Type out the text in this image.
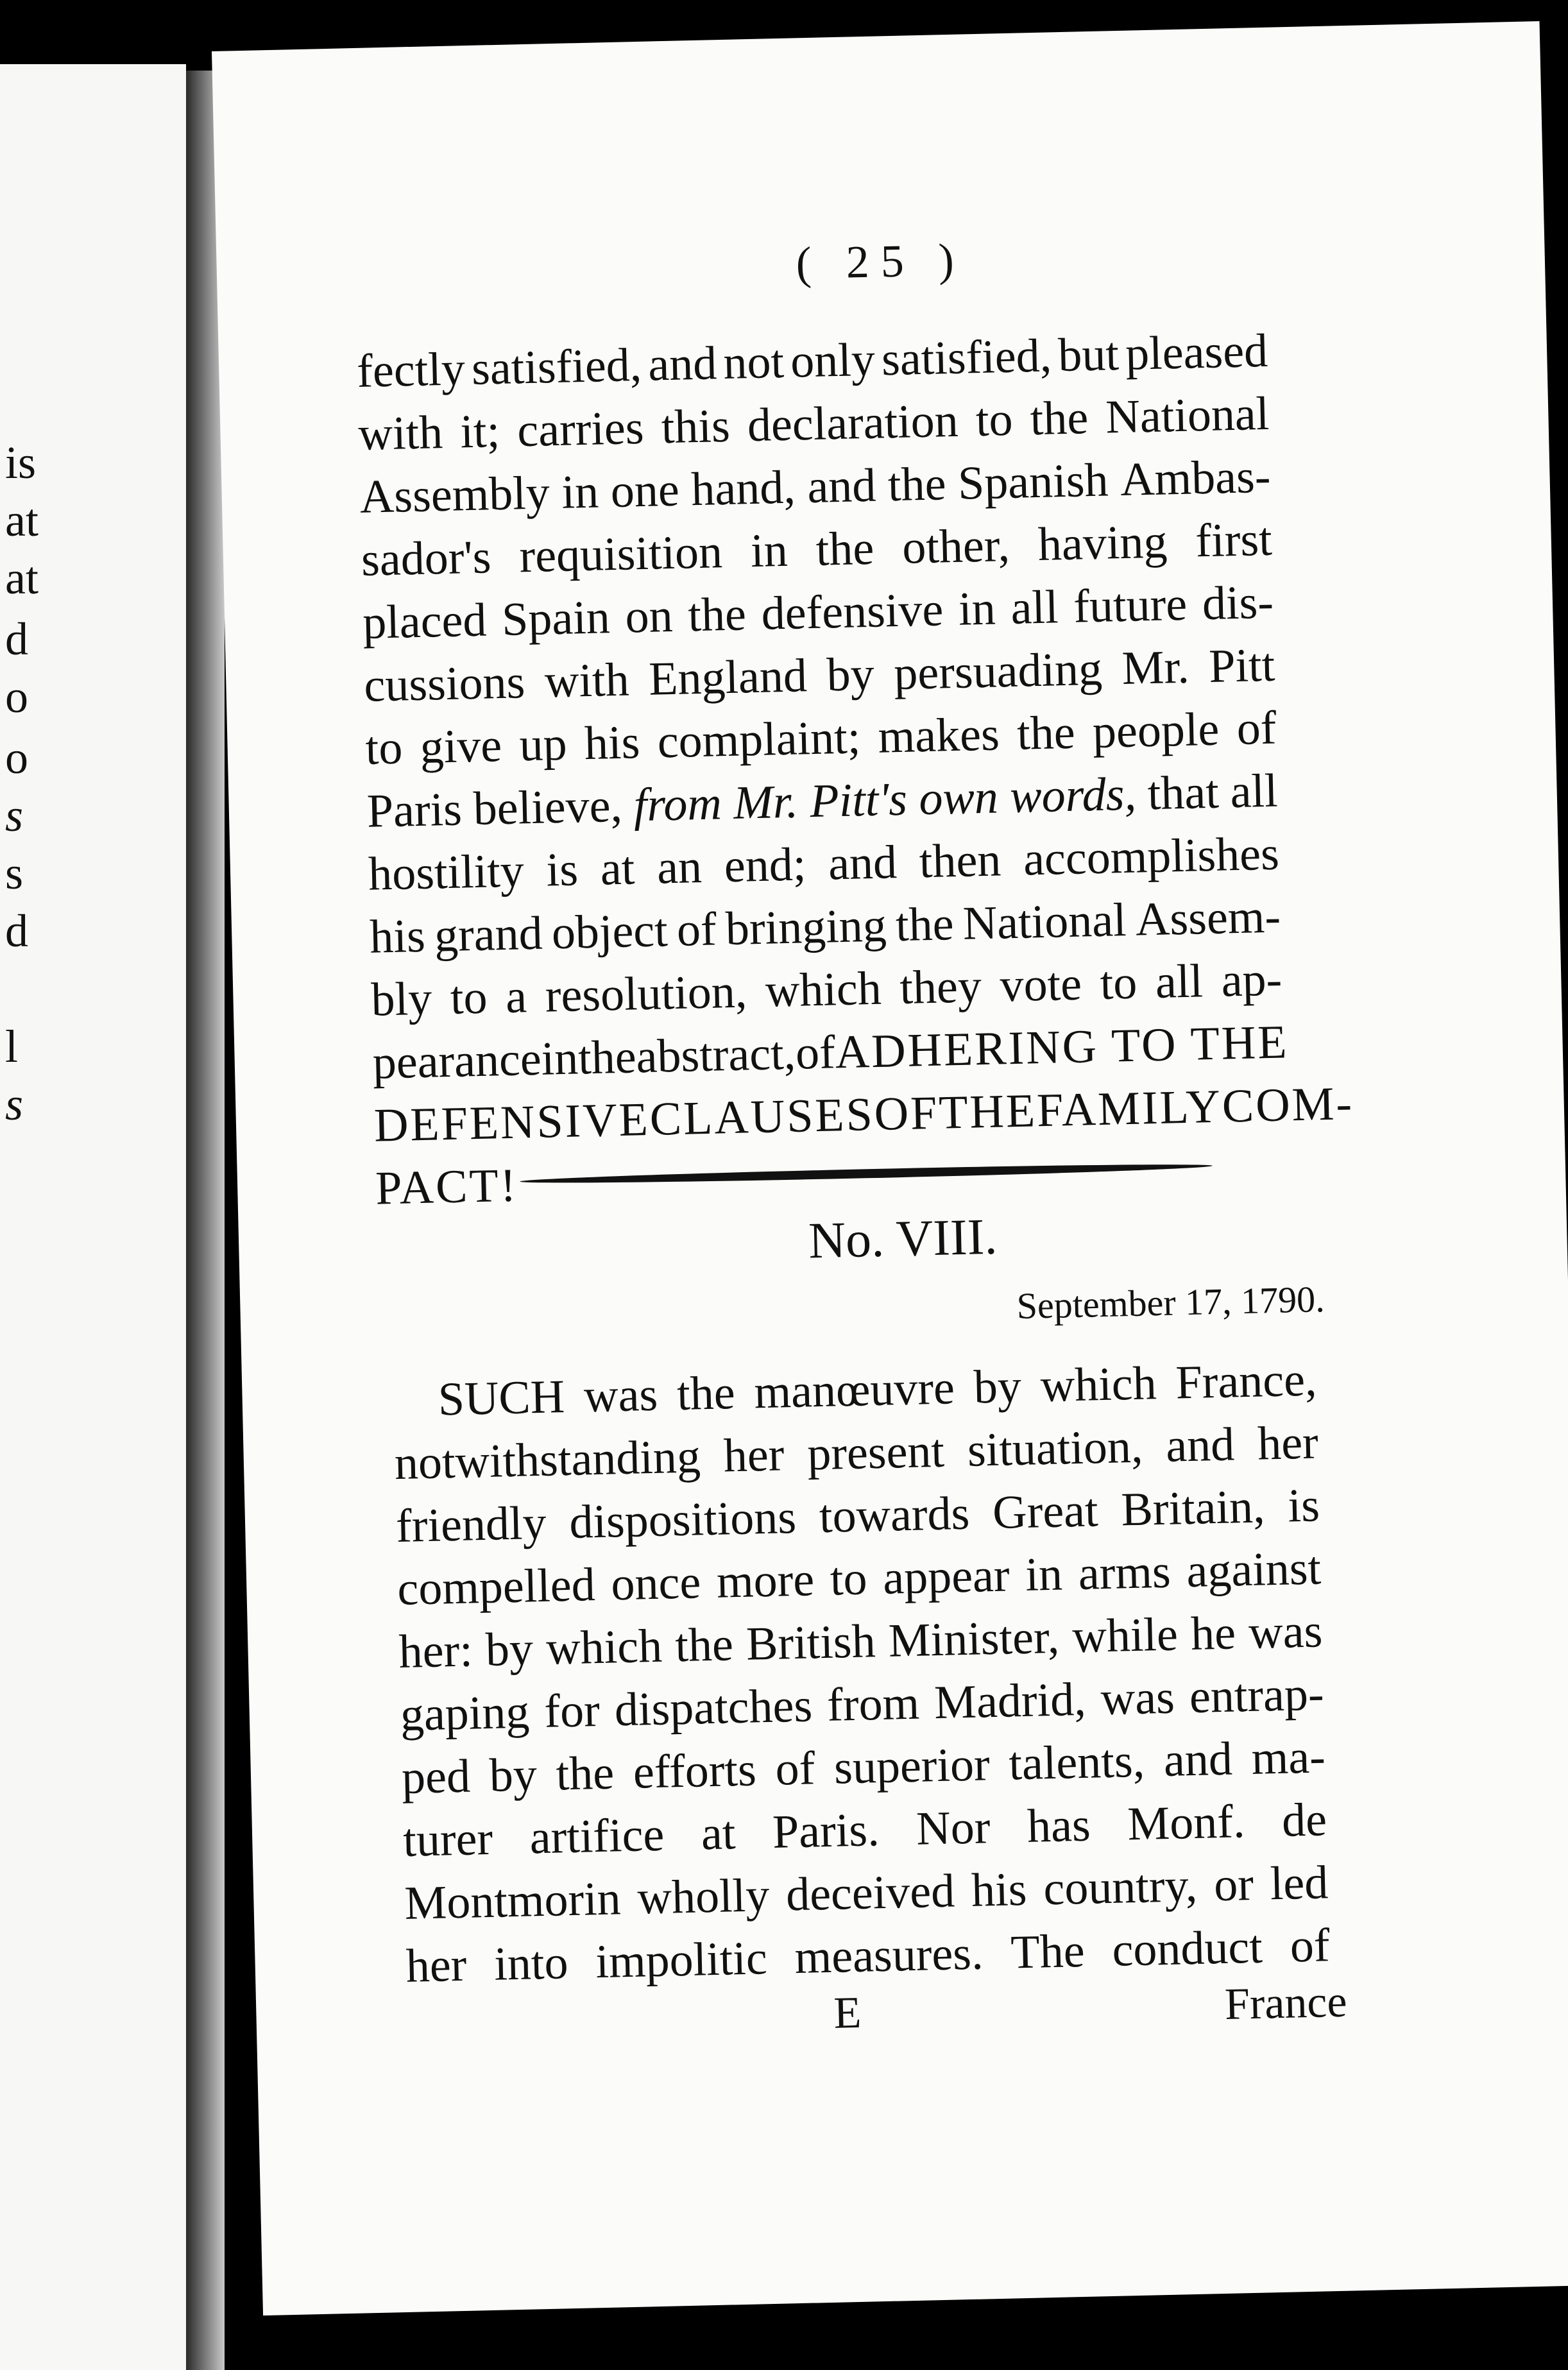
is
at
at
d
o
o
s
s
d
l
s
( 25 )
fectly satisfied, and not only satisfied, but pleased
with it; carries this declaration to the National
Assembly in one hand, and the Spanish Ambas-
sador's requisition in the other, having first
placed Spain on the defensive in all future dis-
cussions with England by persuading Mr. Pitt
to give up his complaint; makes the people of
Paris believe, from Mr. Pitt's own words, that all
hostility is at an end; and then accomplishes
his grand object of bringing the National Assem-
bly to a resolution, which they vote to all ap-
pearance
in
the
abstract,
of
ADHERING TO THE
DEFENSIVE
CLAUSES
OF
THE
FAMILY
COM-
PACT!
No. VIII.
September 17, 1790.
SUCH was the manœuvre by which France,
notwithstanding her present situation, and her
friendly dispositions towards Great Britain, is
compelled once more to appear in arms against
her: by which the British Minister, while he was
gaping for dispatches from Madrid, was entrap-
ped by the efforts of superior talents, and ma-
turer artifice at Paris. Nor has Monf. de
Montmorin wholly deceived his country, or led
her into impolitic measures. The conduct of
E	France
